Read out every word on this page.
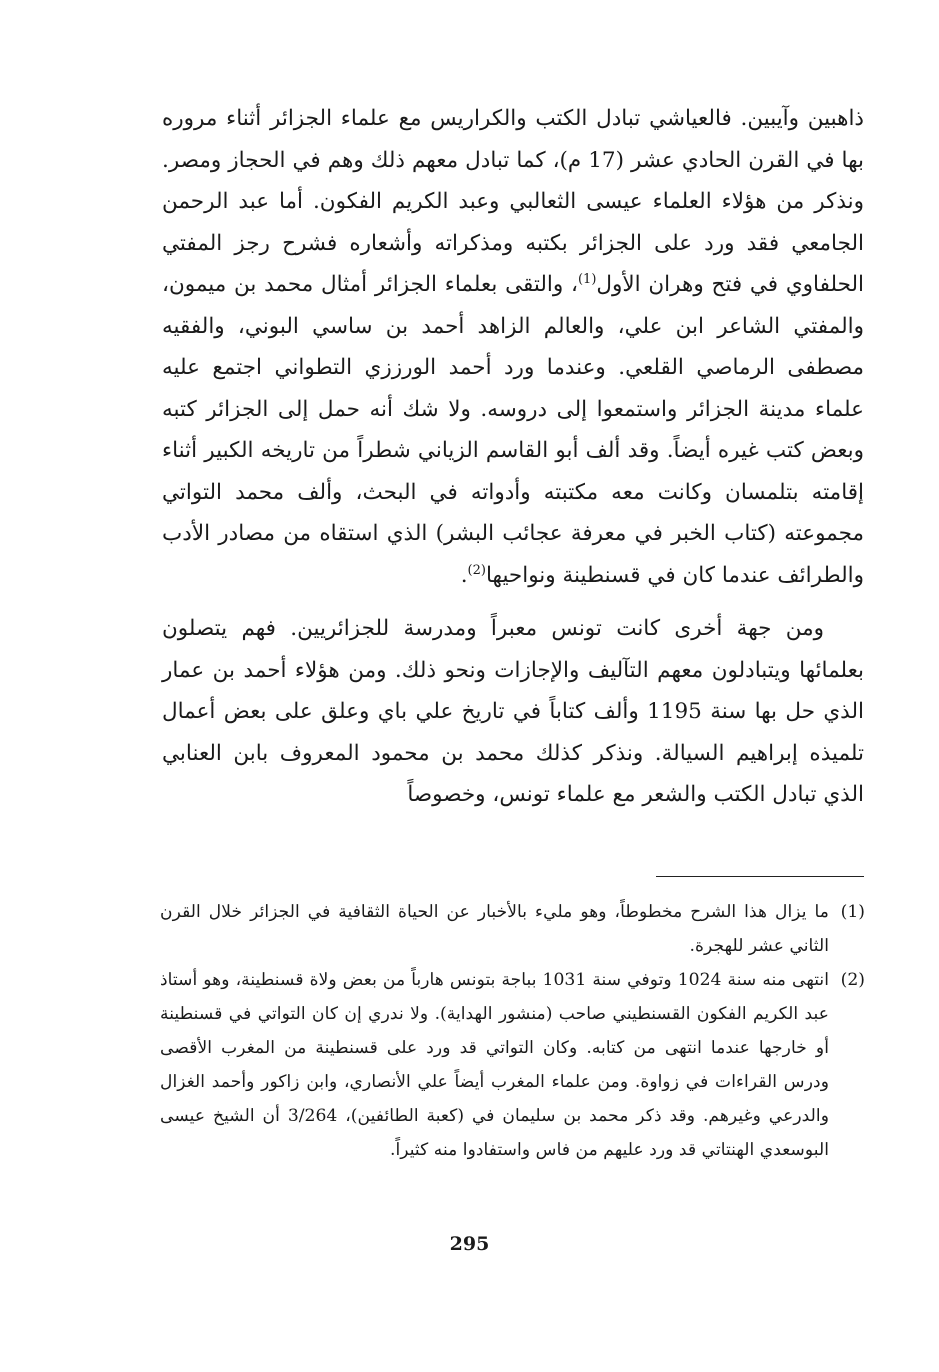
ذاهبين وآيبين. فالعياشي تبادل الكتب والكراريس مع علماء الجزائر أثناء مروره بها في القرن الحادي عشر (17 م)، كما تبادل معهم ذلك وهم في الحجاز ومصر. ونذكر من هؤلاء العلماء عيسى الثعالبي وعبد الكريم الفكون. أما عبد الرحمن الجامعي فقد ورد على الجزائر بكتبه ومذكراته وأشعاره فشرح رجز المفتي الحلفاوي في فتح وهران الأول$^{(1)}$، والتقى بعلماء الجزائر أمثال محمد بن ميمون، والمفتي الشاعر ابن علي، والعالم الزاهد أحمد بن ساسي البوني، والفقيه مصطفى الرماصي القلعي. وعندما ورد أحمد الورززي التطواني اجتمع عليه علماء مدينة الجزائر واستمعوا إلى دروسه. ولا شك أنه حمل إلى الجزائر كتبه وبعض كتب غيره أيضاً. وقد ألف أبو القاسم الزياني شطراً من تاريخه الكبير أثناء إقامته بتلمسان وكانت معه مكتبته وأدواته في البحث، وألف محمد التواتي مجموعته (كتاب الخبر في معرفة عجائب البشر) الذي استقاه من مصادر الأدب والطرائف عندما كان في قسنطينة ونواحيها$^{(2)}$.

ومن جهة أخرى كانت تونس معبراً ومدرسة للجزائريين. فهم يتصلون بعلمائها ويتبادلون معهم التآليف والإجازات ونحو ذلك. ومن هؤلاء أحمد بن عمار الذي حل بها سنة 1195 وألف كتاباً في تاريخ علي باي وعلق على بعض أعمال تلميذه إبراهيم السيالة. ونذكر كذلك محمد بن محمود المعروف بابن العنابي الذي تبادل الكتب والشعر مع علماء تونس، وخصوصاً

(1)
ما يزال هذا الشرح مخطوطاً، وهو مليء بالأخبار عن الحياة الثقافية في الجزائر خلال القرن الثاني عشر للهجرة.
(2)
انتهى منه سنة 1024 وتوفي سنة 1031 بباجة بتونس هارباً من بعض ولاة قسنطينة، وهو أستاذ عبد الكريم الفكون القسنطيني صاحب (منشور الهداية). ولا ندري إن كان التواتي في قسنطينة أو خارجها عندما انتهى من كتابه. وكان التواتي قد ورد على قسنطينة من المغرب الأقصى ودرس القراءات في زواوة. ومن علماء المغرب أيضاً علي الأنصاري، وابن زاكور وأحمد الغزال والدرعي وغيرهم. وقد ذكر محمد بن سليمان في (كعبة الطائفين)، 3/264 أن الشيخ عيسى البوسعدي الهنتاتي قد ورد عليهم من فاس واستفادوا منه كثيراً.
295
